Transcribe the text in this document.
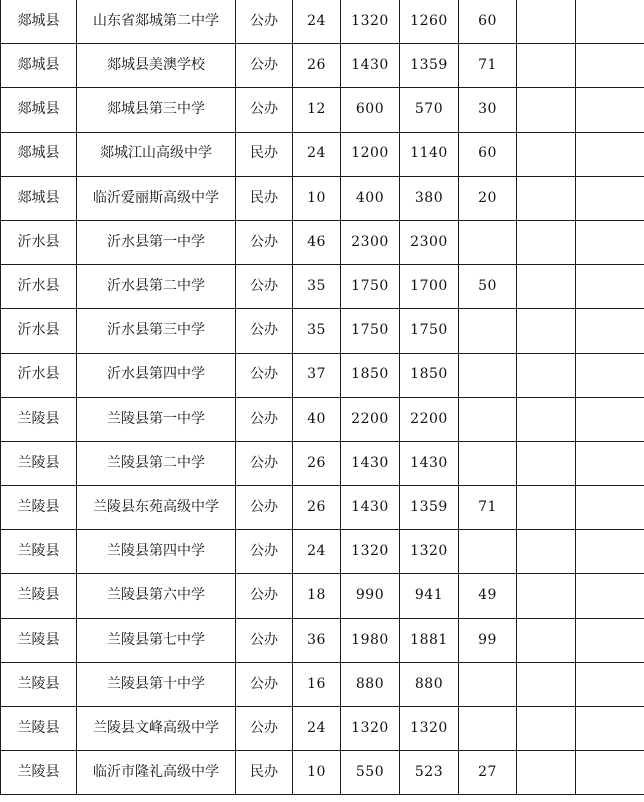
郯城县	山东省郯城第二中学	公办	24	1320	1260	60		
郯城县	郯城县美澳学校	公办	26	1430	1359	71		
郯城县	郯城县第三中学	公办	12	600	570	30		
郯城县	郯城江山高级中学	民办	24	1200	1140	60		
郯城县	临沂爱丽斯高级中学	民办	10	400	380	20		
沂水县	沂水县第一中学	公办	46	2300	2300			
沂水县	沂水县第二中学	公办	35	1750	1700	50		
沂水县	沂水县第三中学	公办	35	1750	1750			
沂水县	沂水县第四中学	公办	37	1850	1850			
兰陵县	兰陵县第一中学	公办	40	2200	2200			
兰陵县	兰陵县第二中学	公办	26	1430	1430			
兰陵县	兰陵县东苑高级中学	公办	26	1430	1359	71		
兰陵县	兰陵县第四中学	公办	24	1320	1320			
兰陵县	兰陵县第六中学	公办	18	990	941	49		
兰陵县	兰陵县第七中学	公办	36	1980	1881	99		
兰陵县	兰陵县第十中学	公办	16	880	880			
兰陵县	兰陵县文峰高级中学	公办	24	1320	1320			
兰陵县	临沂市隆礼高级中学	民办	10	550	523	27		
